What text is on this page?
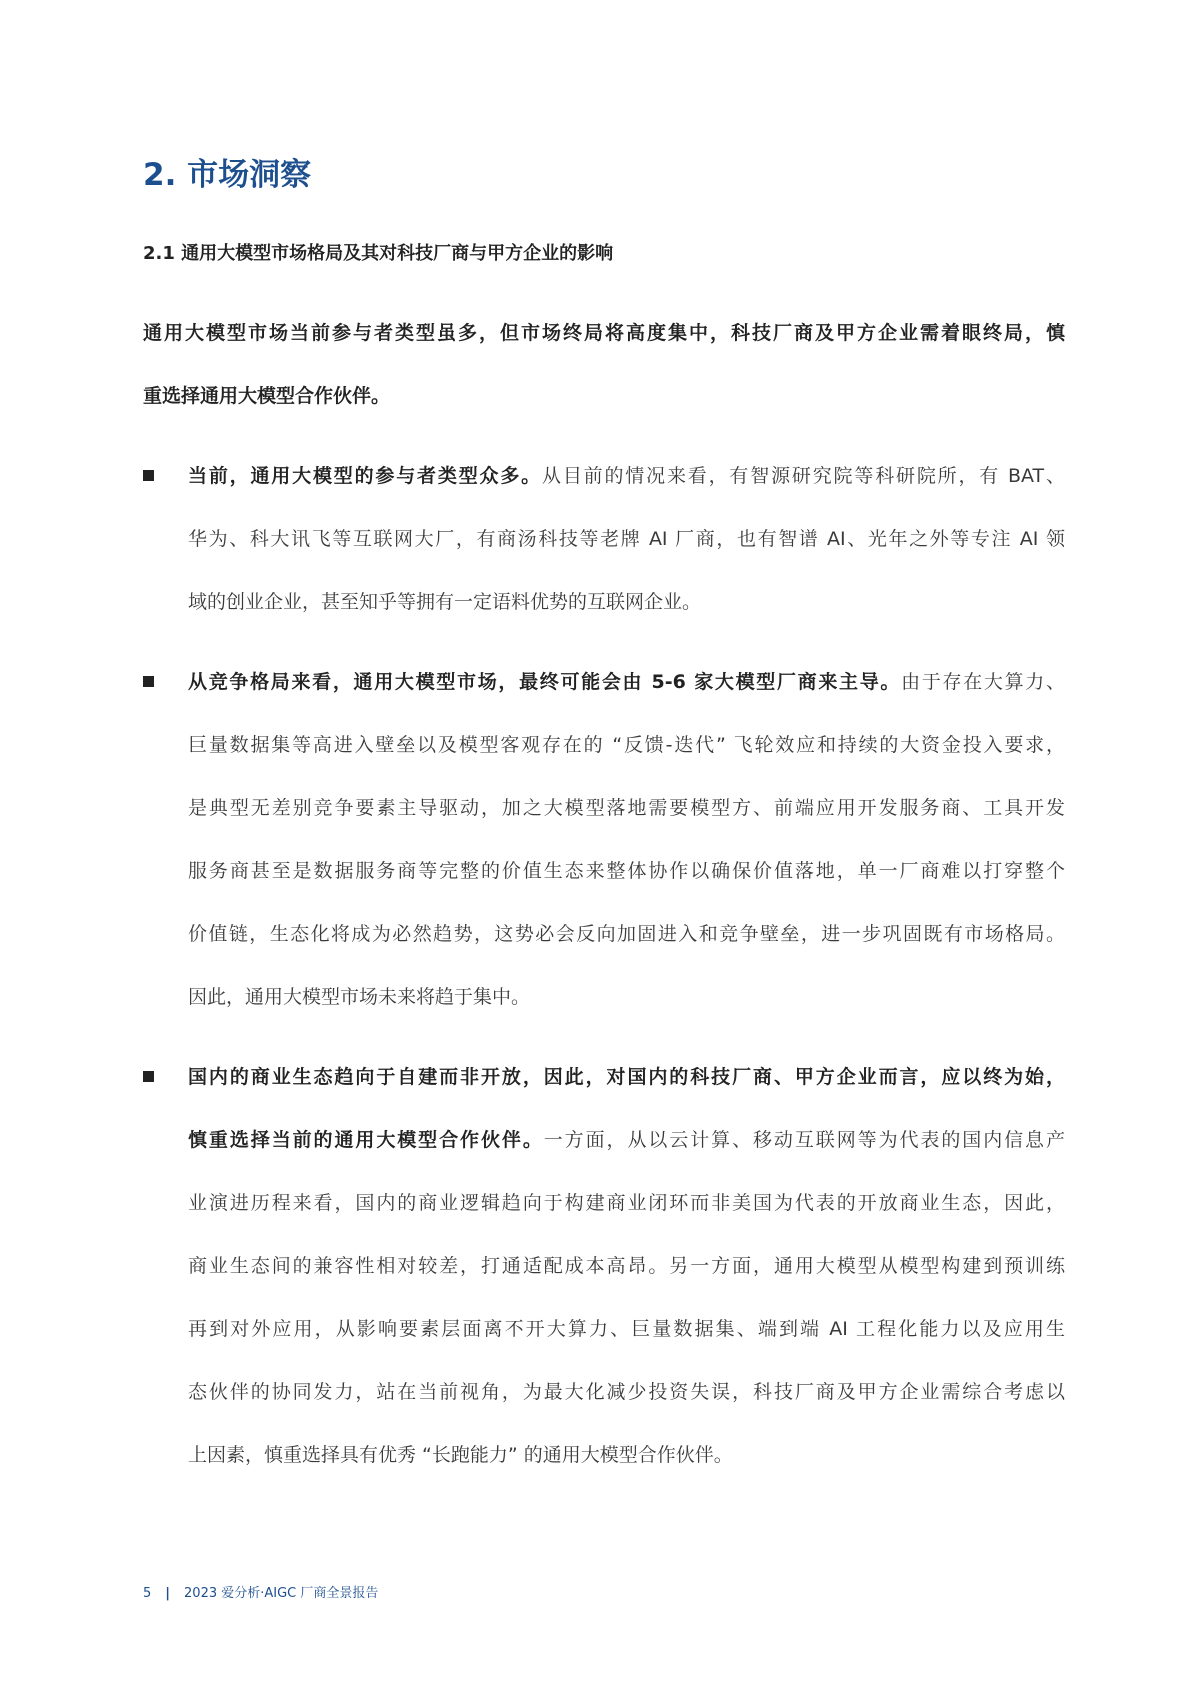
2. 市场洞察
2.1 通用大模型市场格局及其对科技厂商与甲方企业的影响
通用大模型市场当前参与者类型虽多，但市场终局将高度集中，科技厂商及甲方企业需着眼终局，慎
重选择通用大模型合作伙伴。
当前，通用大模型的参与者类型众多。从目前的情况来看，有智源研究院等科研院所，有 BAT、
华为、科大讯飞等互联网大厂，有商汤科技等老牌 AI 厂商，也有智谱 AI、光年之外等专注 AI 领
域的创业企业，甚至知乎等拥有一定语料优势的互联网企业。
从竞争格局来看，通用大模型市场，最终可能会由 5-6 家大模型厂商来主导。由于存在大算力、
巨量数据集等高进入壁垒以及模型客观存在的 “反馈-迭代” 飞轮效应和持续的大资金投入要求，
是典型无差别竞争要素主导驱动，加之大模型落地需要模型方、前端应用开发服务商、工具开发
服务商甚至是数据服务商等完整的价值生态来整体协作以确保价值落地，单一厂商难以打穿整个
价值链，生态化将成为必然趋势，这势必会反向加固进入和竞争壁垒，进一步巩固既有市场格局。
因此，通用大模型市场未来将趋于集中。
国内的商业生态趋向于自建而非开放，因此，对国内的科技厂商、甲方企业而言，应以终为始，
慎重选择当前的通用大模型合作伙伴。一方面，从以云计算、移动互联网等为代表的国内信息产
业演进历程来看，国内的商业逻辑趋向于构建商业闭环而非美国为代表的开放商业生态，因此，
商业生态间的兼容性相对较差，打通适配成本高昂。另一方面，通用大模型从模型构建到预训练
再到对外应用，从影响要素层面离不开大算力、巨量数据集、端到端 AI 工程化能力以及应用生
态伙伴的协同发力，站在当前视角，为最大化减少投资失误，科技厂商及甲方企业需综合考虑以
上因素，慎重选择具有优秀 “长跑能力” 的通用大模型合作伙伴。
5 | 2023 爱分析·AIGC 厂商全景报告
